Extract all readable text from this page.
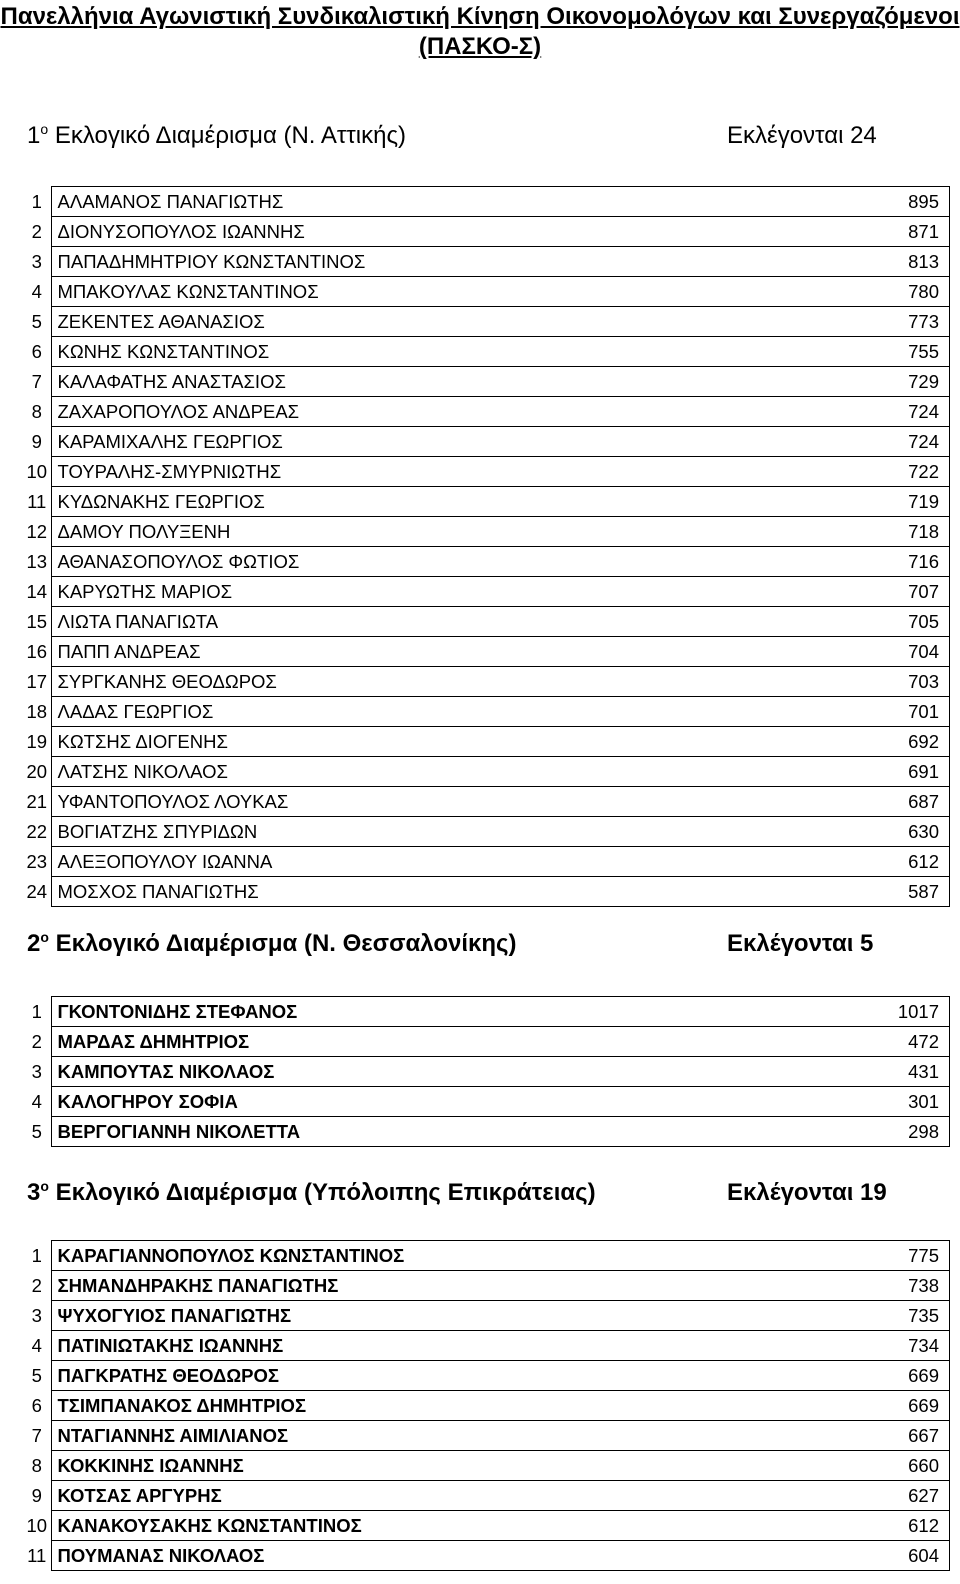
Πανελλήνια Αγωνιστική Συνδικαλιστική Κίνηση Οικονομολόγων και Συνεργαζόμενοι (ΠΑΣΚΟ-Σ)
$1^o$ Εκλογικό Διαμέρισμα (Ν. Αττικής)	Εκλέγονται 24
1	ΑΛΑΜΑΝΟΣ ΠΑΝΑΓΙΩΤΗΣ	895
2	ΔΙΟΝΥΣΟΠΟΥΛΟΣ ΙΩΑΝΝΗΣ	871
3	ΠΑΠΑΔΗΜΗΤΡΙΟΥ ΚΩΝΣΤΑΝΤΙΝΟΣ	813
4	ΜΠΑΚΟΥΛΑΣ ΚΩΝΣΤΑΝΤΙΝΟΣ	780
5	ΖΕΚΕΝΤΕΣ ΑΘΑΝΑΣΙΟΣ	773
6	ΚΩΝΗΣ ΚΩΝΣΤΑΝΤΙΝΟΣ	755
7	ΚΑΛΑΦΑΤΗΣ ΑΝΑΣΤΑΣΙΟΣ	729
8	ΖΑΧΑΡΟΠΟΥΛΟΣ ΑΝΔΡΕΑΣ	724
9	ΚΑΡΑΜΙΧΑΛΗΣ ΓΕΩΡΓΙΟΣ	724
10	ΤΟΥΡΑΛΗΣ-ΣΜΥΡΝΙΩΤΗΣ	722
11	ΚΥΔΩΝΑΚΗΣ ΓΕΩΡΓΙΟΣ	719
12	ΔΑΜΟΥ ΠΟΛΥΞΕΝΗ	718
13	ΑΘΑΝΑΣΟΠΟΥΛΟΣ ΦΩΤΙΟΣ	716
14	ΚΑΡΥΩΤΗΣ ΜΑΡΙΟΣ	707
15	ΛΙΩΤΑ ΠΑΝΑΓΙΩΤΑ	705
16	ΠΑΠΠ ΑΝΔΡΕΑΣ	704
17	ΣΥΡΓΚΑΝΗΣ ΘΕΟΔΩΡΟΣ	703
18	ΛΑΔΑΣ ΓΕΩΡΓΙΟΣ	701
19	ΚΩΤΣΗΣ ΔΙΟΓΕΝΗΣ	692
20	ΛΑΤΣΗΣ ΝΙΚΟΛΑΟΣ	691
21	ΥΦΑΝΤΟΠΟΥΛΟΣ ΛΟΥΚΑΣ	687
22	ΒΟΓΙΑΤΖΗΣ ΣΠΥΡΙΔΩΝ	630
23	ΑΛΕΞΟΠΟΥΛΟΥ ΙΩΑΝΝΑ	612
24	ΜΟΣΧΟΣ ΠΑΝΑΓΙΩΤΗΣ	587
$2^o$ Εκλογικό Διαμέρισμα (Ν. Θεσσαλονίκης)	Εκλέγονται 5
1	ΓΚΟΝΤΟΝΙΔΗΣ ΣΤΕΦΑΝΟΣ	1017
2	ΜΑΡΔΑΣ ΔΗΜΗΤΡΙΟΣ	472
3	ΚΑΜΠΟΥΤΑΣ ΝΙΚΟΛΑΟΣ	431
4	ΚΑΛΟΓΗΡΟΥ ΣΟΦΙΑ	301
5	ΒΕΡΓΟΓΙΑΝΝΗ ΝΙΚΟΛΕΤΤΑ	298
$3^o$ Εκλογικό Διαμέρισμα (Υπόλοιπης Επικράτειας)	Εκλέγονται 19
1	ΚΑΡΑΓΙΑΝΝΟΠΟΥΛΟΣ ΚΩΝΣΤΑΝΤΙΝΟΣ	775
2	ΣΗΜΑΝΔΗΡΑΚΗΣ ΠΑΝΑΓΙΩΤΗΣ	738
3	ΨΥΧΟΓΥΙΟΣ ΠΑΝΑΓΙΩΤΗΣ	735
4	ΠΑΤΙΝΙΩΤΑΚΗΣ ΙΩΑΝΝΗΣ	734
5	ΠΑΓΚΡΑΤΗΣ ΘΕΟΔΩΡΟΣ	669
6	ΤΣΙΜΠΑΝΑΚΟΣ ΔΗΜΗΤΡΙΟΣ	669
7	ΝΤΑΓΙΑΝΝΗΣ ΑΙΜΙΛΙΑΝΟΣ	667
8	ΚΟΚΚΙΝΗΣ ΙΩΑΝΝΗΣ	660
9	ΚΟΤΣΑΣ ΑΡΓΥΡΗΣ	627
10	ΚΑΝΑΚΟΥΣΑΚΗΣ ΚΩΝΣΤΑΝΤΙΝΟΣ	612
11	ΠΟΥΜΑΝΑΣ ΝΙΚΟΛΑΟΣ	604
